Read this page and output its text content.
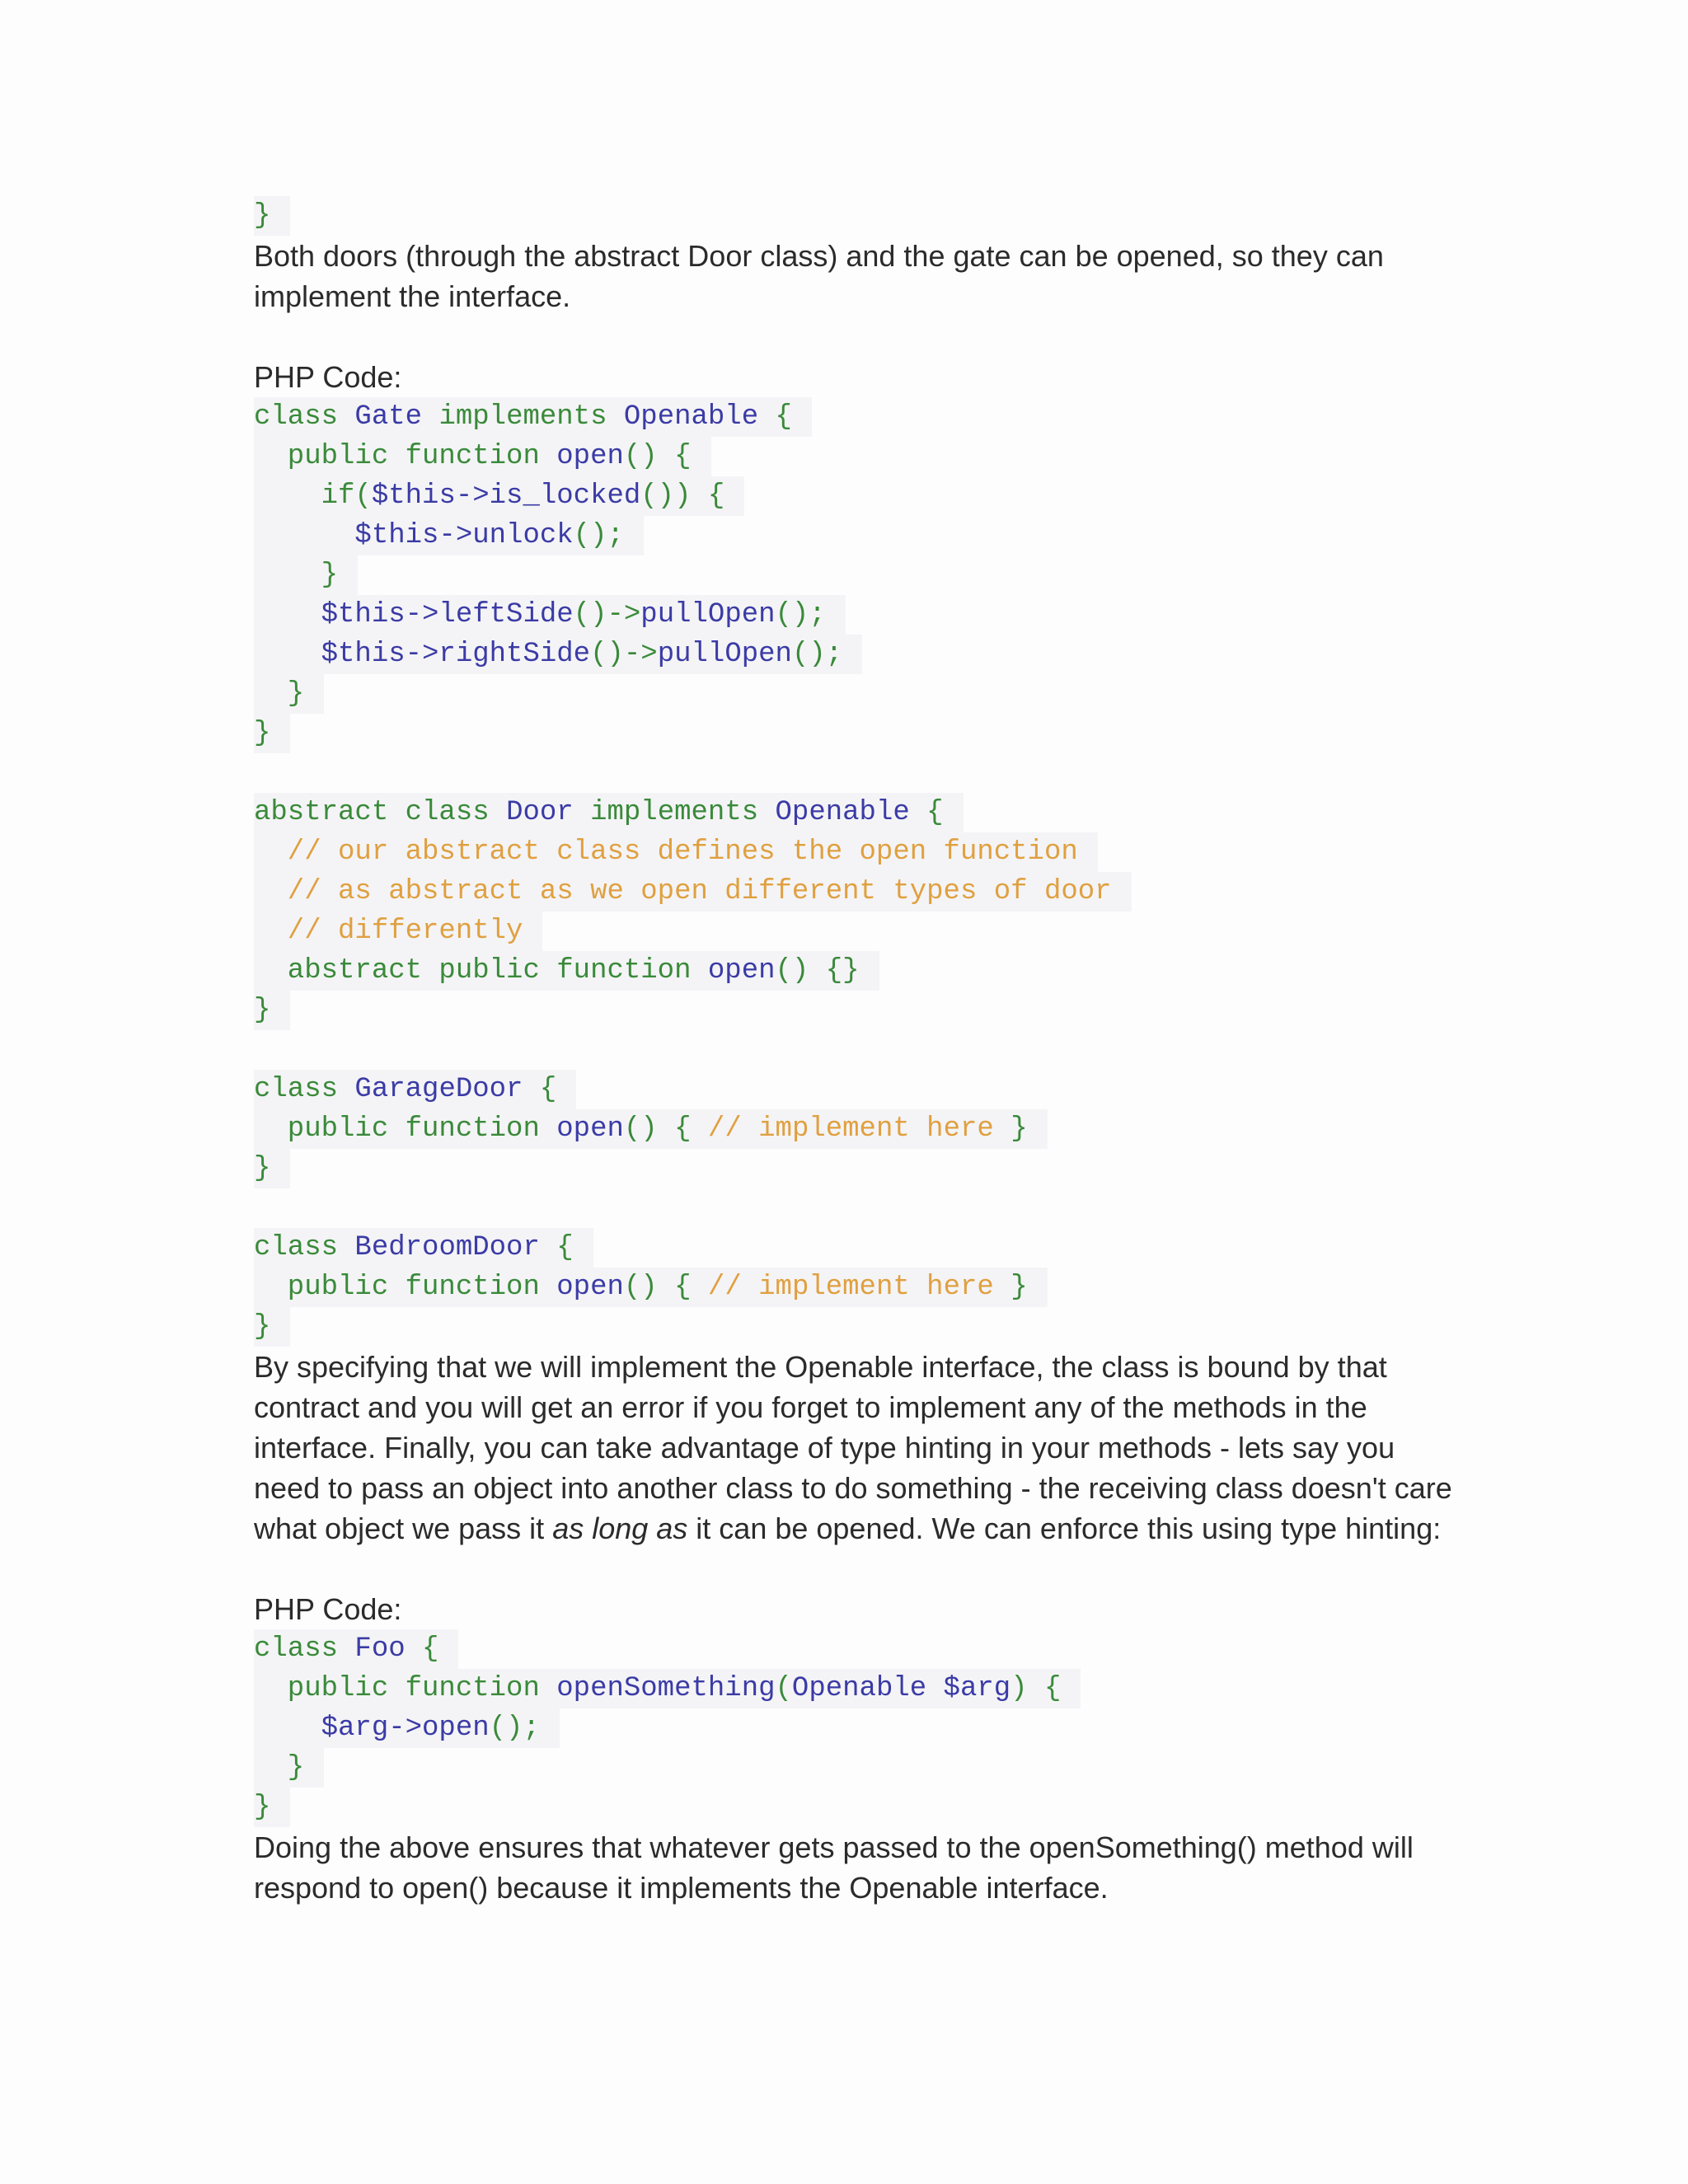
}

Both doors (through the abstract Door class) and the gate can be opened, so they can implement the interface.

PHP Code:

class Gate implements Openable {
public function open() {
if($this->is_locked()) {
$this->unlock();
}
$this->leftSide()->pullOpen();
$this->rightSide()->pullOpen();
}
}
abstract class Door implements Openable {
// our abstract class defines the open function
// as abstract as we open different types of door
// differently
abstract public function open() {}
}
class GarageDoor {
public function open() { // implement here }
}
class BedroomDoor {
public function open() { // implement here }
}

By specifying that we will implement the Openable interface, the class is bound by that contract and you will get an error if you forget to implement any of the methods in the interface. Finally, you can take advantage of type hinting in your methods - lets say you need to pass an object into another class to do something - the receiving class doesn't care what object we pass it as long as it can be opened. We can enforce this using type hinting:

PHP Code:

class Foo {
public function openSomething(Openable $arg) {
$arg->open();
}
}

Doing the above ensures that whatever gets passed to the openSomething() method will respond to open() because it implements the Openable interface.
